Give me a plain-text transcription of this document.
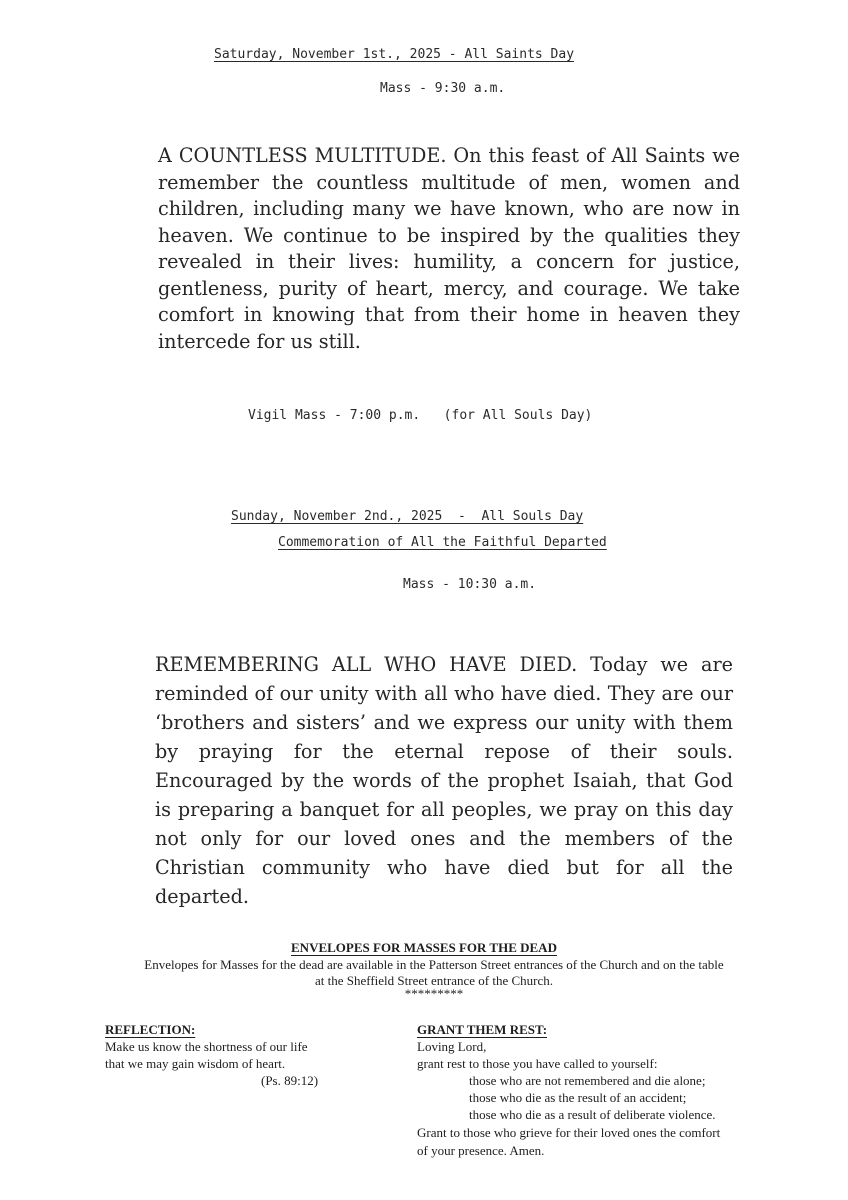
Saturday, November 1st., 2025 - All Saints Day
Mass - 9:30 a.m.

A COUNTLESS MULTITUDE. On this feast of All Saints we remember the countless multitude of men, women and children, including many we have known, who are now in heaven. We continue to be inspired by the qualities they revealed in their lives: humility, a concern for justice, gentleness, purity of heart, mercy, and courage. We take comfort in knowing that from their home in heaven they intercede for us still.

Vigil Mass - 7:00 p.m.   (for All Souls Day)
Sunday, November 2nd., 2025  -  All Souls Day
Commemoration of All the Faithful Departed
Mass - 10:30 a.m.

REMEMBERING ALL WHO HAVE DIED. Today we are reminded of our unity with all who have died. They are our ‘brothers and sisters’ and we express our unity with them by praying for the eternal repose of their souls. Encouraged by the words of the prophet Isaiah, that God is preparing a banquet for all peoples, we pray on this day not only for our loved ones and the members of the Christian community who have died but for all the departed.

ENVELOPES FOR MASSES FOR THE DEAD
Envelopes for Masses for the dead are available in the Patterson Street entrances of the Church and on the table
at the Sheffield Street entrance of the Church.
*********
REFLECTION:
Make us know the shortness of our life
that we may gain wisdom of heart.
(Ps. 89:12)
GRANT THEM REST:
Loving Lord,
grant rest to those you have called to yourself:
those who are not remembered and die alone;
those who die as the result of an accident;
those who die as a result of deliberate violence.
Grant to those who grieve for their loved ones the comfort
of your presence. Amen.
